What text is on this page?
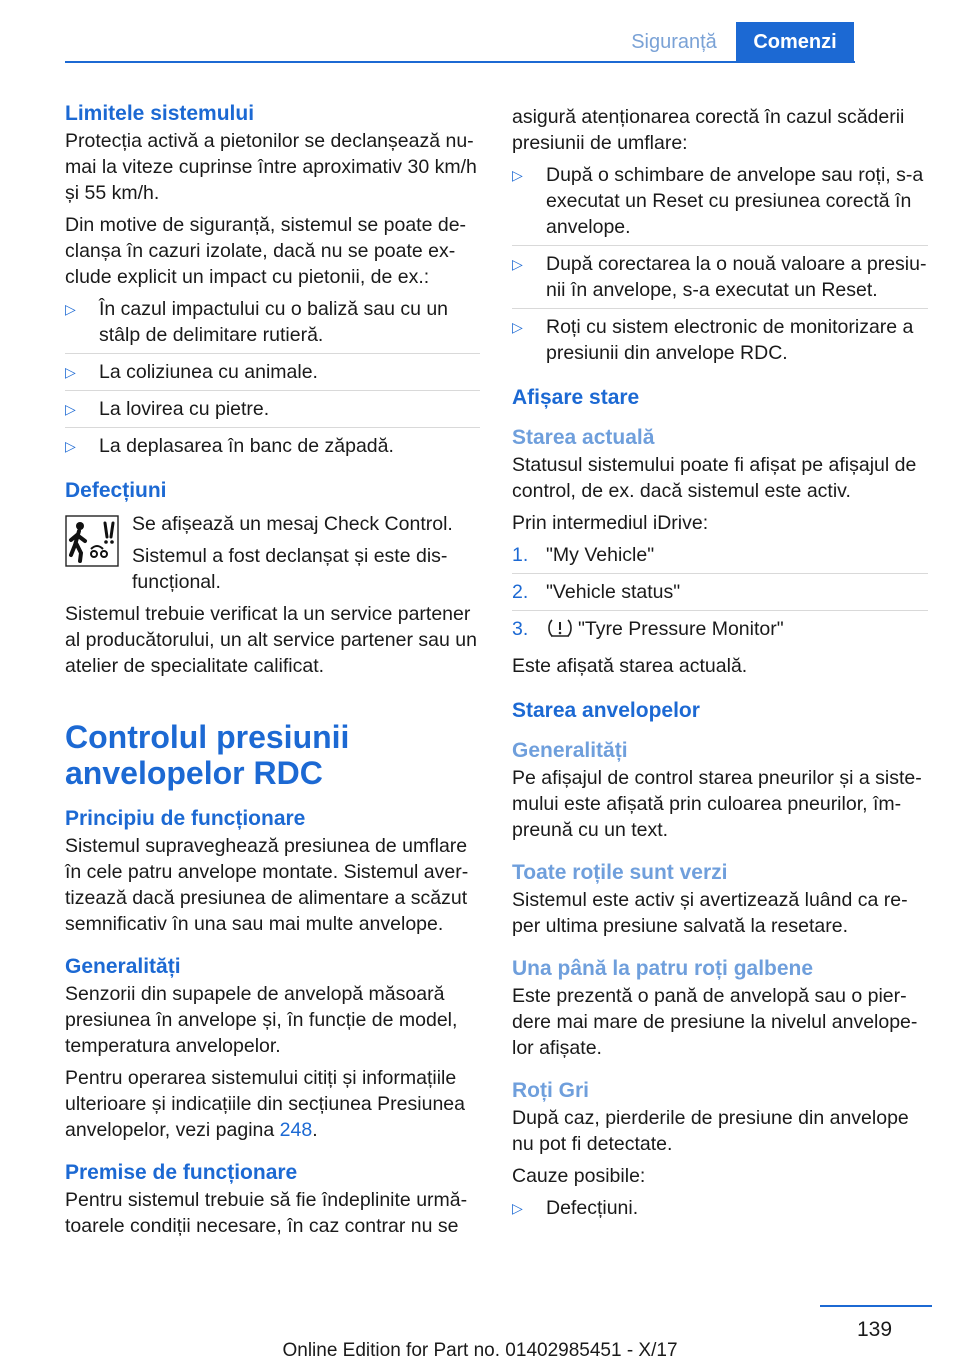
Siguranță	Comenzi
Limitele sistemului

Protecția activă a pietonilor se declanșează numai la viteze cuprinse între aproximativ 30 km/h și 55 km/h.

Din motive de siguranță, sistemul se poate declanșa în cazuri izolate, dacă nu se poate exclude explicit un impact cu pietonii, de ex.:

▷ În cazul impactului cu o baliză sau cu un stâlp de delimitare rutieră.
▷ La coliziunea cu animale.
▷ La lovirea cu pietre.
▷ La deplasarea în banc de zăpadă.
Defecțiuni

Se afișează un mesaj Check Control.

Sistemul a fost declanșat și este disfuncțional.

Sistemul trebuie verificat la un service partener al producătorului, un alt service partener sau un atelier de specialitate calificat.

Controlul presiunii anvelopelor RDC
Principiu de funcționare

Sistemul supraveghează presiunea de umflare în cele patru anvelope montate. Sistemul avertizează dacă presiunea de alimentare a scăzut semnificativ în una sau mai multe anvelope.

Generalități

Senzorii din supapele de anvelopă măsoară presiunea în anvelope și, în funcție de model, temperatura anvelopelor.

Pentru operarea sistemului citiți și informațiile ulterioare și indicațiile din secțiunea Presiunea anvelopelor, vezi pagina 248.

Premise de funcționare

Pentru sistemul trebuie să fie îndeplinite următoarele condiții necesare, în caz contrar nu se

asigură atenționarea corectă în cazul scăderii presiunii de umflare:

▷ După o schimbare de anvelope sau roți, s-a executat un Reset cu presiunea corectă în anvelope.
▷ După corectarea la o nouă valoare a presiunii în anvelope, s-a executat un Reset.
▷ Roți cu sistem electronic de monitorizare a presiunii din anvelope RDC.
Afișare stare
Starea actuală

Statusul sistemului poate fi afișat pe afișajul de control, de ex. dacă sistemul este activ.

Prin intermediul iDrive:

1. "My Vehicle"
2. "Vehicle status"
3.	"Tyre Pressure Monitor"

Este afișată starea actuală.

Starea anvelopelor
Generalități

Pe afișajul de control starea pneurilor și a sistemului este afișată prin culoarea pneurilor, împreună cu un text.

Toate roțile sunt verzi

Sistemul este activ și avertizează luând ca reper ultima presiune salvată la resetare.

Una până la patru roți galbene

Este prezentă o pană de anvelopă sau o pierdere mai mare de presiune la nivelul anvelopelor afișate.

Roți Gri

După caz, pierderile de presiune din anvelope nu pot fi detectate.

Cauze posibile:

▷ Defecțiuni.
139
Online Edition for Part no. 01402985451 - X/17
